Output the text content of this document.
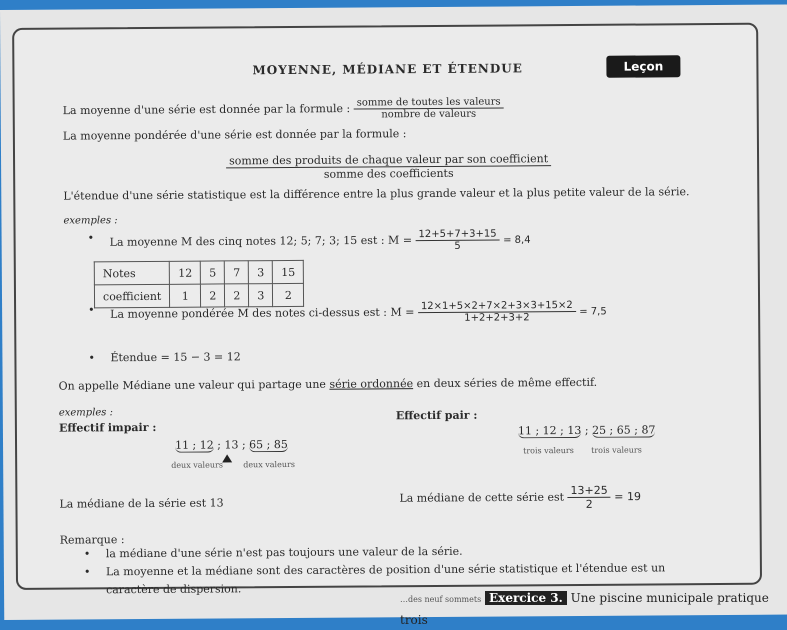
MOYENNE, MÉDIANE ET ÉTENDUE	Leçon
La moyenne d'une série est donnée par la formule : $\frac{\text{somme de toutes les valeurs}}{\text{nombre de valeurs}}$
La moyenne pondérée d'une série est donnée par la formule :
$\frac{\text{somme des produits de chaque valeur par son coefficient}}{\text{somme des coefficients}}$
L'étendue d'une série statistique est la différence entre la plus grande valeur et la plus petite valeur de la série.
exemples :
• La moyenne M des cinq notes 12; 5; 7; 3; 15 est : $M = \frac{12+5+7+3+15}{5} = 8,4$
Notes	12	5	7	3	15
coefficient	1	2	2	3	2
• La moyenne pondérée M des notes ci-dessus est : $M = \frac{12\times 1+5\times 2+7\times 2+3\times 3+15\times 2}{1+2+2+3+2} = 7,5$
• Étendue = 15 − 3 = 12
On appelle Médiane une valeur qui partage une série ordonnée en deux séries de même effectif.
exemples :
Effectif impair :
Effectif pair :
11 ; 12 ; 13 ; 65 ; 85
deux valeurs	deux valeurs
11 ; 12 ; 13 ; 25 ; 65 ; 87
trois valeurs trois valeurs
La médiane de la série est 13	La médiane de cette série est $\frac{13+25}{2} = 19$
Remarque :
• la médiane d'une série n'est pas toujours une valeur de la série.
• La moyenne et la médiane sont des caractères de position d'une série statistique et l'étendue est un
caractère de dispersion.
…des neuf sommets Exercice 3. Une piscine municipale pratique trois
